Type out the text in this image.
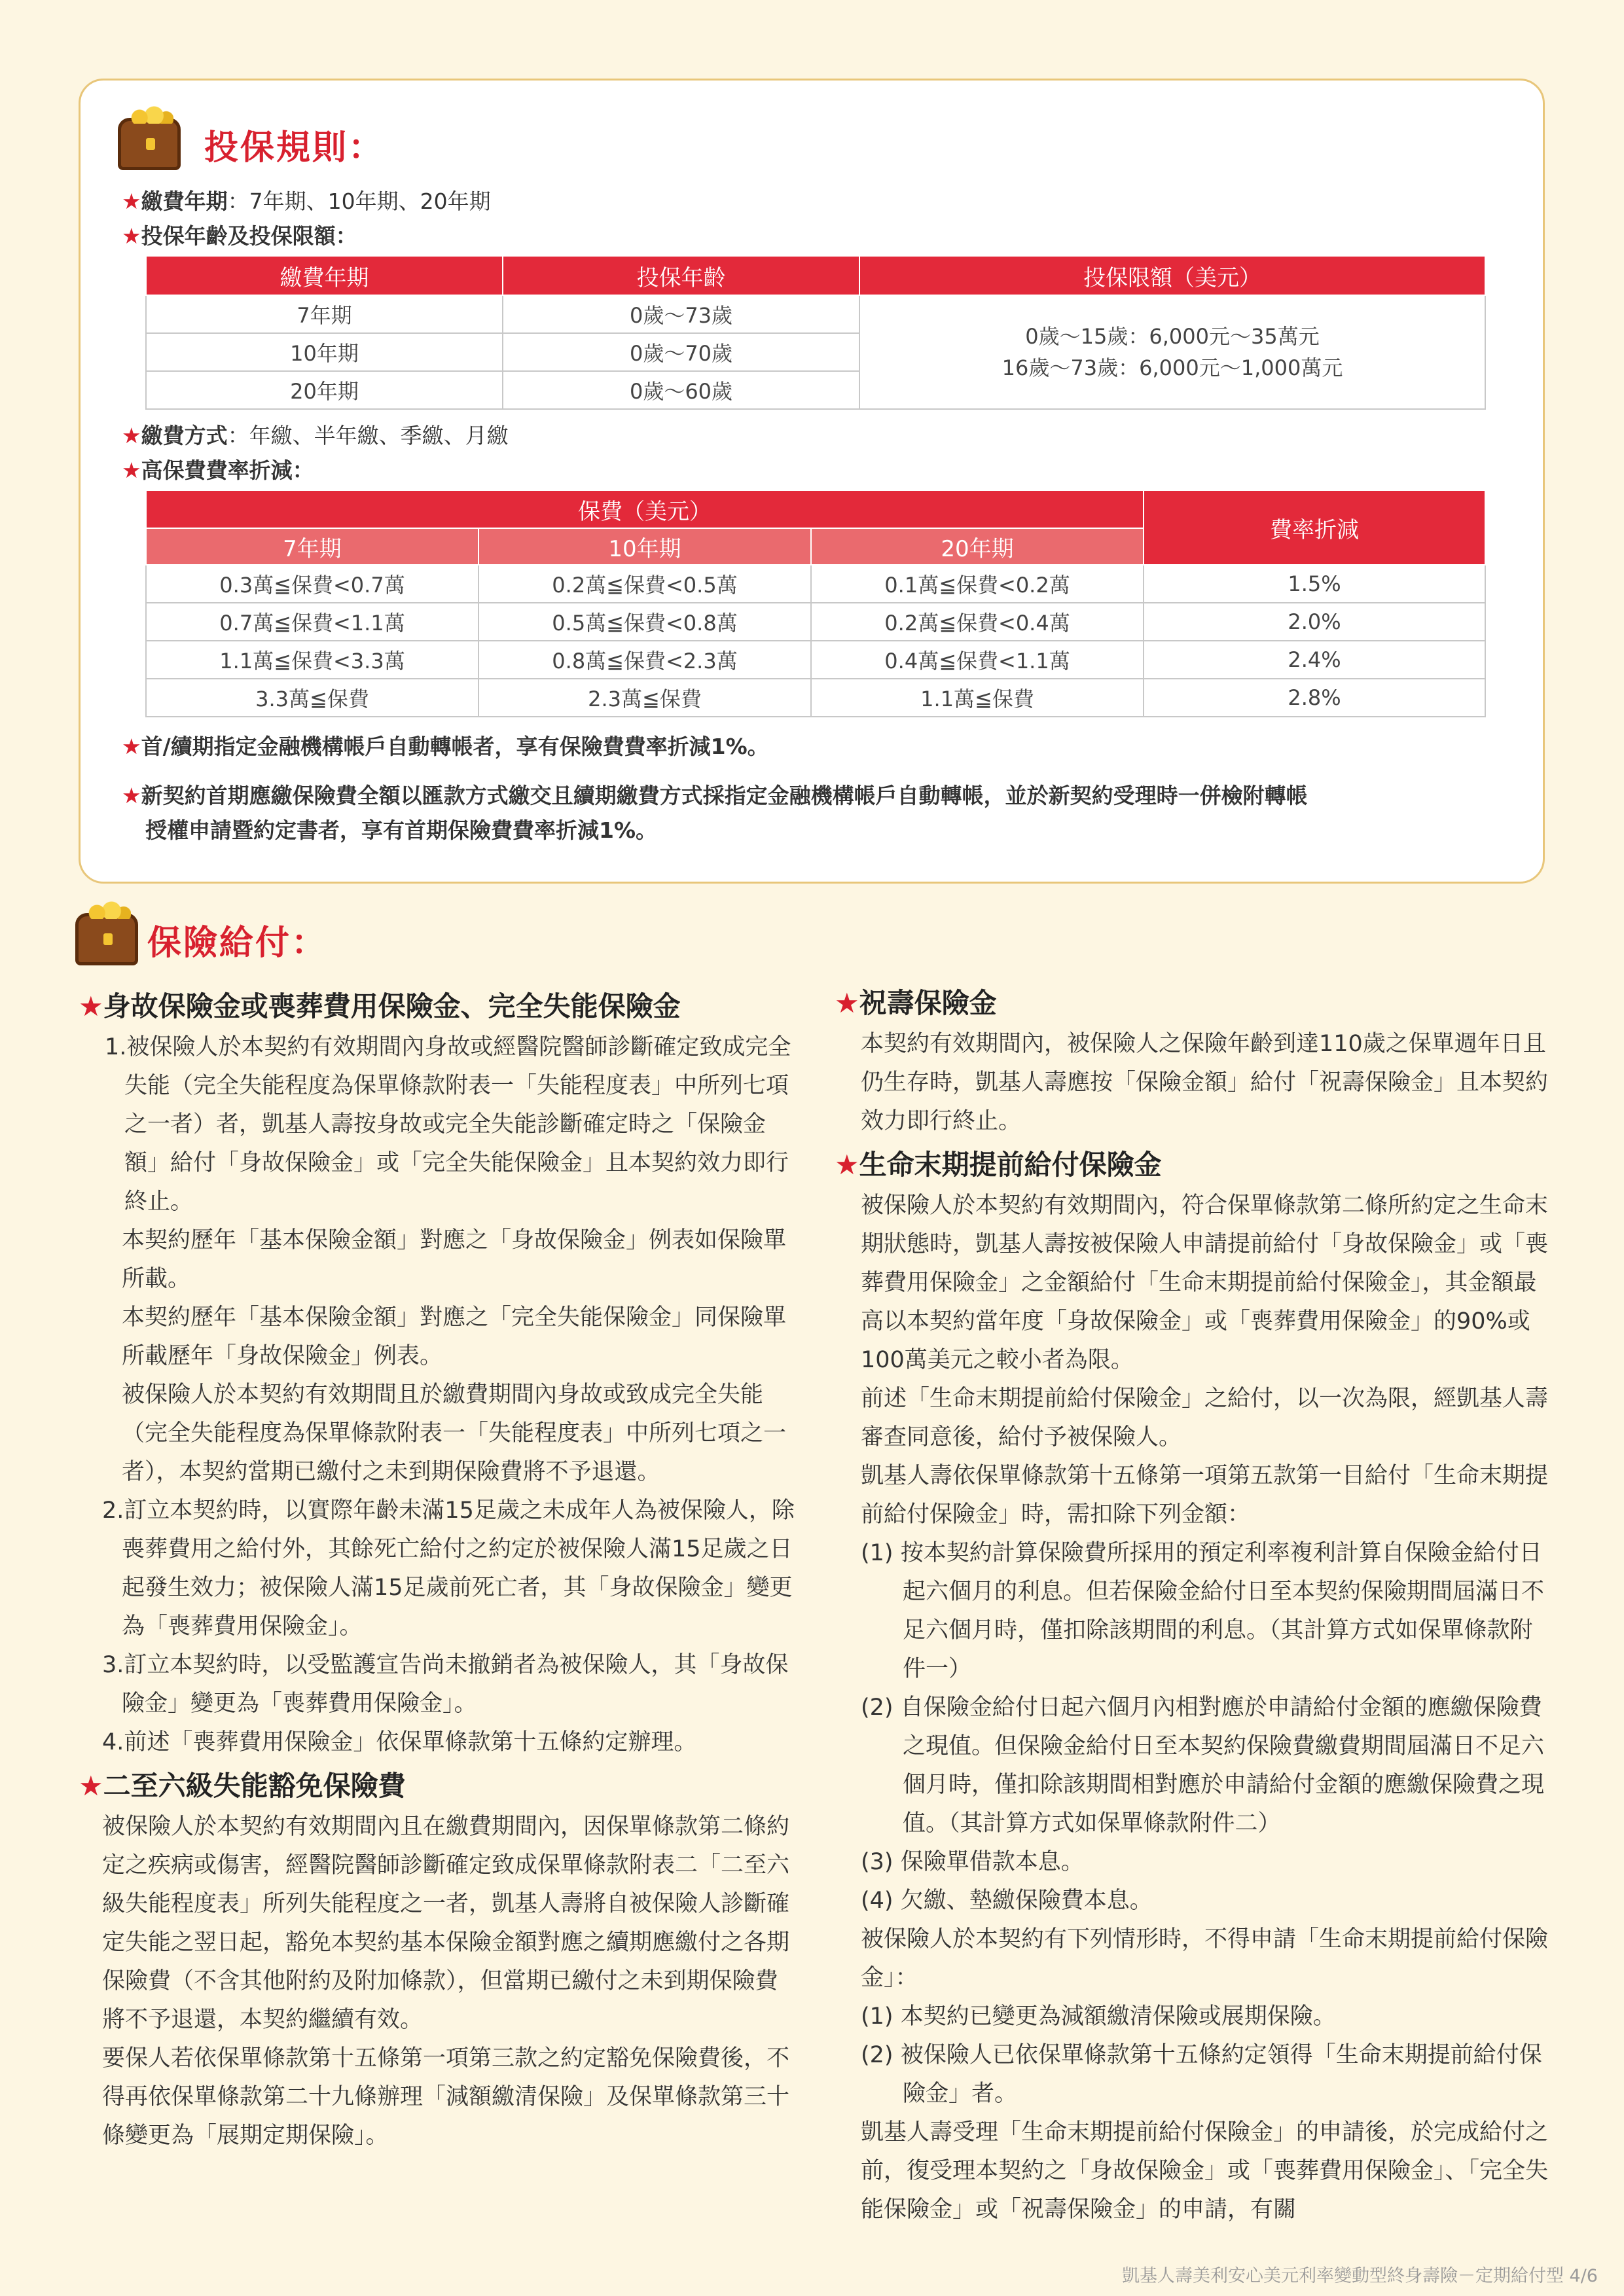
投保規則：
★繳費年期：7年期、10年期、20年期
★投保年齡及投保限額：
繳費年期	投保年齡	投保限額（美元）
7年期	0歲～73歲	0歲～15歲：6,000元～35萬元
16歲～73歲：6,000元～1,000萬元

10年期	0歲～70歲	
20年期	0歲～60歲	
★繳費方式：年繳、半年繳、季繳、月繳
★高保費費率折減：
保費（美元）			費率折減
7年期	10年期	20年期	
0.3萬≦保費<0.7萬	0.2萬≦保費<0.5萬	0.1萬≦保費<0.2萬	1.5%
0.7萬≦保費<1.1萬	0.5萬≦保費<0.8萬	0.2萬≦保費<0.4萬	2.0%
1.1萬≦保費<3.3萬	0.8萬≦保費<2.3萬	0.4萬≦保費<1.1萬	2.4%
3.3萬≦保費	2.3萬≦保費	1.1萬≦保費	2.8%
★首/續期指定金融機構帳戶自動轉帳者，享有保險費費率折減1%。
★新契約首期應繳保險費全額以匯款方式繳交且續期繳費方式採指定金融機構帳戶自動轉帳，並於新契約受理時一併檢附轉帳
授權申請暨約定書者，享有首期保險費費率折減1%。
保險給付：
★身故保險金或喪葬費用保險金、完全失能保險金

1.被保險人於本契約有效期間內身故或經醫院醫師診斷確定致成完全失能（完全失能程度為保單條款附表一「失能程度表」中所列七項之一者）者，凱基人壽按身故或完全失能診斷確定時之「保險金額」給付「身故保險金」或「完全失能保險金」且本契約效力即行終止。

本契約歷年「基本保險金額」對應之「身故保險金」例表如保險單所載。

本契約歷年「基本保險金額」對應之「完全失能保險金」同保險單所載歷年「身故保險金」例表。

被保險人於本契約有效期間且於繳費期間內身故或致成完全失能（完全失能程度為保單條款附表一「失能程度表」中所列七項之一者），本契約當期已繳付之未到期保險費將不予退還。

2.訂立本契約時，以實際年齡未滿15足歲之未成年人為被保險人，除喪葬費用之給付外，其餘死亡給付之約定於被保險人滿15足歲之日起發生效力；被保險人滿15足歲前死亡者，其「身故保險金」變更為「喪葬費用保險金」。

3.訂立本契約時，以受監護宣告尚未撤銷者為被保險人，其「身故保險金」變更為「喪葬費用保險金」。

4.前述「喪葬費用保險金」依保單條款第十五條約定辦理。

★二至六級失能豁免保險費

被保險人於本契約有效期間內且在繳費期間內，因保單條款第二條約定之疾病或傷害，經醫院醫師診斷確定致成保單條款附表二「二至六級失能程度表」所列失能程度之一者，凱基人壽將自被保險人診斷確定失能之翌日起，豁免本契約基本保險金額對應之續期應繳付之各期保險費（不含其他附約及附加條款），但當期已繳付之未到期保險費將不予退還，本契約繼續有效。

要保人若依保單條款第十五條第一項第三款之約定豁免保險費後，不得再依保單條款第二十九條辦理「減額繳清保險」及保單條款第三十條變更為「展期定期保險」。

★祝壽保險金

本契約有效期間內，被保險人之保險年齡到達110歲之保單週年日且仍生存時，凱基人壽應按「保險金額」給付「祝壽保險金」且本契約效力即行終止。

★生命末期提前給付保險金

被保險人於本契約有效期間內，符合保單條款第二條所約定之生命末期狀態時，凱基人壽按被保險人申請提前給付「身故保險金」或「喪葬費用保險金」之金額給付「生命末期提前給付保險金」，其金額最高以本契約當年度「身故保險金」或「喪葬費用保險金」的90%或100萬美元之較小者為限。

前述「生命末期提前給付保險金」之給付，以一次為限，經凱基人壽審查同意後，給付予被保險人。

凱基人壽依保單條款第十五條第一項第五款第一目給付「生命末期提前給付保險金」時，需扣除下列金額：

(1) 按本契約計算保險費所採用的預定利率複利計算自保險金給付日起六個月的利息。但若保險金給付日至本契約保險期間屆滿日不足六個月時，僅扣除該期間的利息。（其計算方式如保單條款附件一）

(2) 自保險金給付日起六個月內相對應於申請給付金額的應繳保險費之現值。但保險金給付日至本契約保險費繳費期間屆滿日不足六個月時，僅扣除該期間相對應於申請給付金額的應繳保險費之現值。（其計算方式如保單條款附件二）

(3) 保險單借款本息。

(4) 欠繳、墊繳保險費本息。

被保險人於本契約有下列情形時，不得申請「生命末期提前給付保險金」：

(1) 本契約已變更為減額繳清保險或展期保險。

(2) 被保險人已依保單條款第十五條約定領得「生命末期提前給付保險金」者。

凱基人壽受理「生命末期提前給付保險金」的申請後，於完成給付之前，復受理本契約之「身故保險金」或「喪葬費用保險金」、「完全失能保險金」或「祝壽保險金」的申請，有關

凱基人壽美利安心美元利率變動型終身壽險－定期給付型 4/6
